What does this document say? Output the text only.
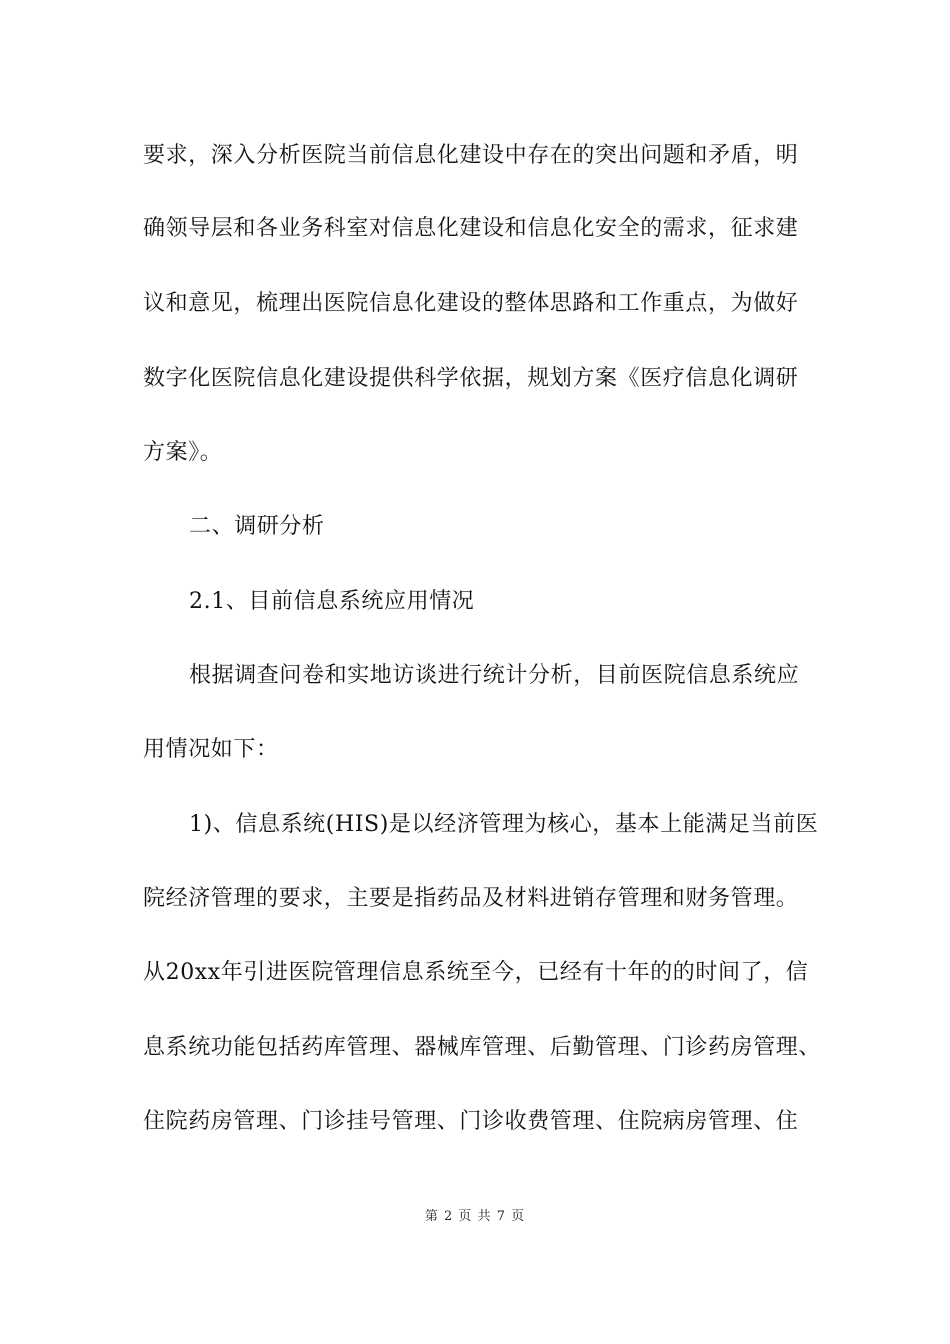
要求，深入分析医院当前信息化建设中存在的突出问题和矛盾，明
确领导层和各业务科室对信息化建设和信息化安全的需求，征求建
议和意见，梳理出医院信息化建设的整体思路和工作重点，为做好
数字化医院信息化建设提供科学依据，规划方案《医疗信息化调研
方案》。
二、调研分析
2.1、目前信息系统应用情况
根据调查问卷和实地访谈进行统计分析，目前医院信息系统应
用情况如下：
1)、信息系统(HIS)是以经济管理为核心，基本上能满足当前医
院经济管理的要求，主要是指药品及材料进销存管理和财务管理。
从20xx年引进医院管理信息系统至今，已经有十年的的时间了，信
息系统功能包括药库管理、器械库管理、后勤管理、门诊药房管理、
住院药房管理、门诊挂号管理、门诊收费管理、住院病房管理、住
第 2 页 共 7 页
